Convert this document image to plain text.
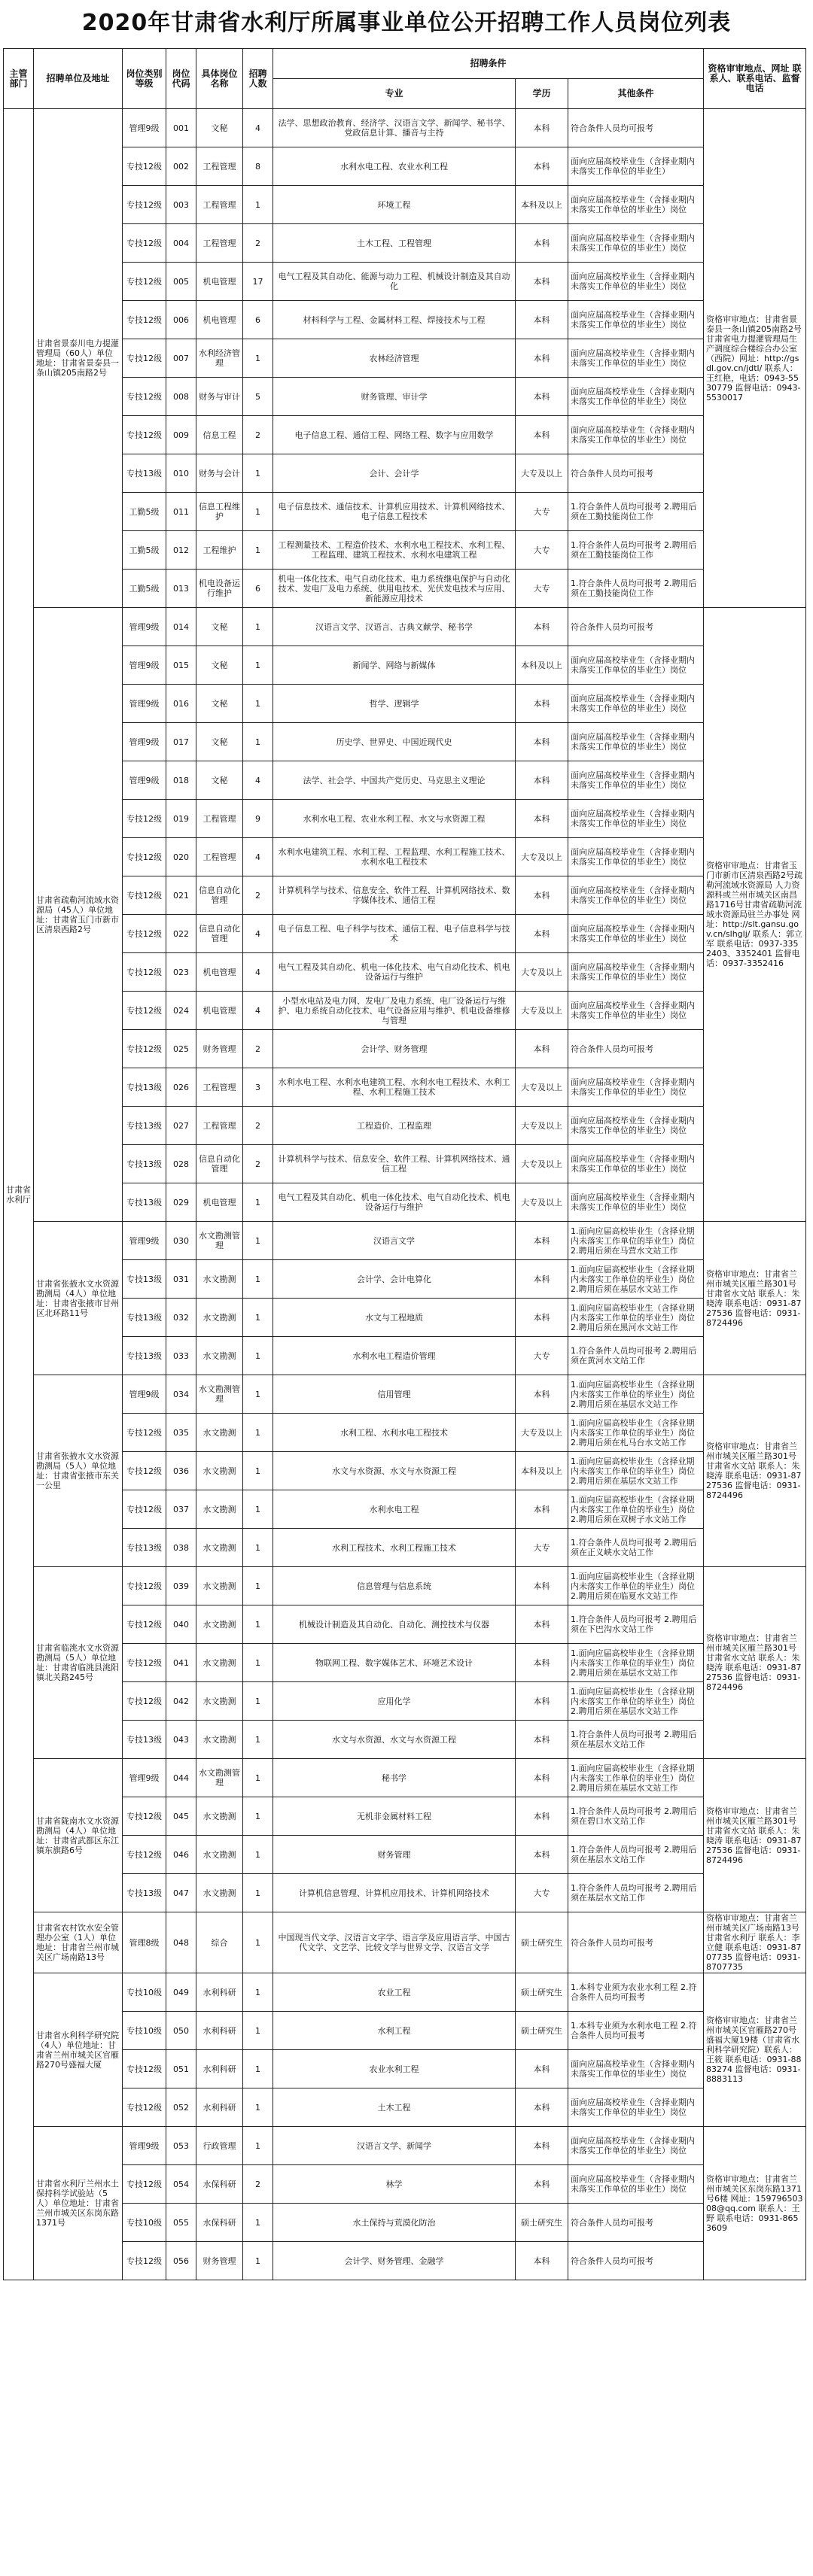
2020年甘肃省水利厅所属事业单位公开招聘工作人员岗位列表
主管部门	招聘单位及地址	岗位类别等级	岗位代码	具体岗位名称	招聘人数	招聘条件			资格审审地点、网址 联系人、联系电话、监督电话
						专业	学历	其他条件	
甘肃省水利厅	甘肃省景泰川电力提灌管理局（60人）单位地址：甘肃省景泰县一条山镇205南路2号	管理9级	001	文秘	4	法学、思想政治教育、经济学、汉语言文学、新闻学、秘书学、党政信息计算、播音与主持	本科	符合条件人员均可报考	资格审审地点：甘肃省景泰县一条山镇205南路2号甘肃省电力提灌管理局生产调度综合楼综合办公室（西院）网址：http://gsdl.gov.cn/jdtl/ 联系人：王红艳，电话：0943-5530779 监督电话：0943-5530017
		专技12级	002	工程管理	8	水利水电工程、农业水利工程	本科	面向应届高校毕业生（含择业期内未落实工作单位的毕业生）	
		专技12级	003	工程管理	1	环境工程	本科及以上	面向应届高校毕业生（含择业期内未落实工作单位的毕业生）岗位	
		专技12级	004	工程管理	2	土木工程、工程管理	本科	面向应届高校毕业生（含择业期内未落实工作单位的毕业生）岗位	
		专技12级	005	机电管理	17	电气工程及其自动化、能源与动力工程、机械设计制造及其自动化	本科	面向应届高校毕业生（含择业期内未落实工作单位的毕业生）岗位	
		专技12级	006	机电管理	6	材料科学与工程、金属材料工程、焊接技术与工程	本科	面向应届高校毕业生（含择业期内未落实工作单位的毕业生）岗位	
		专技12级	007	水利经济管理	1	农林经济管理	本科	面向应届高校毕业生（含择业期内未落实工作单位的毕业生）岗位	
		专技12级	008	财务与审计	5	财务管理、审计学	本科	面向应届高校毕业生（含择业期内未落实工作单位的毕业生）岗位	
		专技12级	009	信息工程	2	电子信息工程、通信工程、网络工程、数字与应用数学	本科	面向应届高校毕业生（含择业期内未落实工作单位的毕业生）岗位	
		专技13级	010	财务与会计	1	会计、会计学	大专及以上	符合条件人员均可报考	
		工勤5级	011	信息工程维护	1	电子信息技术、通信技术、计算机应用技术、计算机网络技术、电子信息工程技术	大专	1.符合条件人员均可报考 2.聘用后须在工勤技能岗位工作	
		工勤5级	012	工程维护	1	工程测量技术、工程造价技术、水利水电工程技术、水利工程、工程监理、建筑工程技术、水利水电建筑工程	大专	1.符合条件人员均可报考 2.聘用后须在工勤技能岗位工作	
		工勤5级	013	机电设备运行维护	6	机电一体化技术、电气自动化技术、电力系统继电保护与自动化技术、发电厂及电力系统、供用电技术、光伏发电技术与应用、新能源应用技术	大专	1.符合条件人员均可报考 2.聘用后须在工勤技能岗位工作	
	甘肃省疏勒河流域水资源局（45人）单位地址：甘肃省玉门市新市区清泉西路2号	管理9级	014	文秘	1	汉语言文学、汉语言、古典文献学、秘书学	本科	符合条件人员均可报考	资格审审地点：甘肃省玉门市新市区清泉西路2号疏勒河流域水资源局 人力资源科或兰州市城关区南昌路1716号甘肃省疏勒河流域水资源局驻兰办事处 网址：http://slt.gansu.gov.cn/slhglj/ 联系人：郭立军 联系电话：0937-3352403、3352401 监督电话：0937-3352416
		管理9级	015	文秘	1	新闻学、网络与新媒体	本科及以上	面向应届高校毕业生（含择业期内未落实工作单位的毕业生）岗位	
		管理9级	016	文秘	1	哲学、逻辑学	本科	面向应届高校毕业生（含择业期内未落实工作单位的毕业生）岗位	
		管理9级	017	文秘	1	历史学、世界史、中国近现代史	本科	面向应届高校毕业生（含择业期内未落实工作单位的毕业生）岗位	
		管理9级	018	文秘	4	法学、社会学、中国共产党历史、马克思主义理论	本科	面向应届高校毕业生（含择业期内未落实工作单位的毕业生）岗位	
		专技12级	019	工程管理	9	水利水电工程、农业水利工程、水文与水资源工程	本科	面向应届高校毕业生（含择业期内未落实工作单位的毕业生）岗位	
		专技12级	020	工程管理	4	水利水电建筑工程、水利工程、工程监理、水利工程施工技术、水利水电工程技术	大专及以上	面向应届高校毕业生（含择业期内未落实工作单位的毕业生）岗位	
		专技12级	021	信息自动化管理	2	计算机科学与技术、信息安全、软件工程、计算机网络技术、数字媒体技术、通信工程	本科	面向应届高校毕业生（含择业期内未落实工作单位的毕业生）岗位	
		专技12级	022	信息自动化管理	4	电子信息工程、电子科学与技术、通信工程、电子信息科学与技术	本科	面向应届高校毕业生（含择业期内未落实工作单位的毕业生）岗位	
		专技12级	023	机电管理	4	电气工程及其自动化、机电一体化技术、电气自动化技术、机电设备运行与维护	大专及以上	面向应届高校毕业生（含择业期内未落实工作单位的毕业生）岗位	
		专技12级	024	机电管理	4	小型水电站及电力网、发电厂及电力系统、电厂设备运行与维护、电力系统自动化技术、电气设备应用与维护、机电设备维修与管理	大专及以上	面向应届高校毕业生（含择业期内未落实工作单位的毕业生）岗位	
		专技12级	025	财务管理	2	会计学、财务管理	本科	符合条件人员均可报考	
		专技13级	026	工程管理	3	水利水电工程、水利水电建筑工程、水利水电工程技术、水利工程、水利工程施工技术	大专及以上	面向应届高校毕业生（含择业期内未落实工作单位的毕业生）岗位	
		专技13级	027	工程管理	2	工程造价、工程监理	大专及以上	面向应届高校毕业生（含择业期内未落实工作单位的毕业生）岗位	
		专技13级	028	信息自动化管理	2	计算机科学与技术、信息安全、软件工程、计算机网络技术、通信工程	大专及以上	面向应届高校毕业生（含择业期内未落实工作单位的毕业生）岗位	
		专技13级	029	机电管理	1	电气工程及其自动化、机电一体化技术、电气自动化技术、机电设备运行与维护	大专及以上	面向应届高校毕业生（含择业期内未落实工作单位的毕业生）岗位	
	甘肃省张掖水文水资源勘测局（4人）单位地址：甘肃省张掖市甘州区北环路11号	管理9级	030	水文勘测管理	1	汉语言文学	本科	1.面向应届高校毕业生（含择业期内未落实工作单位的毕业生）岗位 2.聘用后须在马营水文站工作	资格审审地点：甘肃省兰州市城关区雁兰路301号甘肃省水文站 联系人：朱晓涛 联系电话：0931-8727536 监督电话：0931-8724496
		专技13级	031	水文勘测	1	会计学、会计电算化	本科	1.面向应届高校毕业生（含择业期内未落实工作单位的毕业生）岗位 2.聘用后须在基层水文站工作	
		专技13级	032	水文勘测	1	水文与工程地质	本科	1.面向应届高校毕业生（含择业期内未落实工作单位的毕业生）岗位 2.聘用后须在黑河水文站工作	
		专技13级	033	水文勘测	1	水利水电工程造价管理	大专	1.符合条件人员均可报考 2.聘用后须在黄河水文站工作	
	甘肃省张掖水文水资源勘测局（5人）单位地址：甘肃省张掖市东关一公里	管理9级	034	水文勘测管理	1	信用管理	本科	1.面向应届高校毕业生（含择业期内未落实工作单位的毕业生）岗位 2.聘用后须在基层水文站工作	资格审审地点：甘肃省兰州市城关区雁兰路301号甘肃省水文站 联系人：朱晓涛 联系电话：0931-8727536 监督电话：0931-8724496
		专技12级	035	水文勘测	1	水利工程、水利水电工程技术	大专及以上	1.面向应届高校毕业生（含择业期内未落实工作单位的毕业生）岗位 2.聘用后须在札马台水文站工作	
		专技12级	036	水文勘测	1	水文与水资源、水文与水资源工程	本科及以上	1.面向应届高校毕业生（含择业期内未落实工作单位的毕业生）岗位 2.聘用后须在基层水文站工作	
		专技12级	037	水文勘测	1	水利水电工程	本科	1.面向应届高校毕业生（含择业期内未落实工作单位的毕业生）岗位 2.聘用后须在双树子水文站工作	
		专技13级	038	水文勘测	1	水利工程技术、水利工程施工技术	大专	1.符合条件人员均可报考 2.聘用后须在正义峡水文站工作	
	甘肃省临洮水文水资源勘测局（5人）单位地址：甘肃省临洮县洮阳镇北关路245号	专技12级	039	水文勘测	1	信息管理与信息系统	本科	1.面向应届高校毕业生（含择业期内未落实工作单位的毕业生）岗位 2.聘用后须在临夏水文站工作	资格审审地点：甘肃省兰州市城关区雁兰路301号甘肃省水文站 联系人：朱晓涛 联系电话：0931-8727536 监督电话：0931-8724496
		专技12级	040	水文勘测	1	机械设计制造及其自动化、自动化、测控技术与仪器	本科	1.符合条件人员均可报考 2.聘用后须在下巴沟水文站工作	
		专技12级	041	水文勘测	1	物联网工程、数字媒体艺术、环境艺术设计	本科	1.面向应届高校毕业生（含择业期内未落实工作单位的毕业生）岗位 2.聘用后须在基层水文站工作	
		专技12级	042	水文勘测	1	应用化学	本科	1.面向应届高校毕业生（含择业期内未落实工作单位的毕业生）岗位 2.聘用后须在基层水文站工作	
		专技13级	043	水文勘测	1	水文与水资源、水文与水资源工程	本科	1.符合条件人员均可报考 2.聘用后须在基层水文站工作	
	甘肃省陇南水文水资源勘测局（4人）单位地址：甘肃省武都区东江镇东旗路6号	管理9级	044	水文勘测管理	1	秘书学	本科	1.面向应届高校毕业生（含择业期内未落实工作单位的毕业生）岗位 2.聘用后须在基层水文站工作	资格审审地点：甘肃省兰州市城关区雁兰路301号甘肃省水文站 联系人：朱晓涛 联系电话：0931-8727536 监督电话：0931-8724496
		专技12级	045	水文勘测	1	无机非金属材料工程	本科	1.符合条件人员均可报考 2.聘用后须在碧口水文站工作	
		专技12级	046	水文勘测	1	财务管理	本科	1.符合条件人员均可报考 2.聘用后须在基层水文站工作	
		专技13级	047	水文勘测	1	计算机信息管理、计算机应用技术、计算机网络技术	大专	1.符合条件人员均可报考 2.聘用后须在基层水文站工作	
	甘肃省农村饮水安全管理办公室（1人）单位地址：甘肃省兰州市城关区广场南路13号	管理8级	048	综合	1	中国现当代文学、汉语言文字学、语言学及应用语言学、中国古代文学、文艺学、比较文学与世界文学、汉语言文学	硕士研究生	符合条件人员均可报考	资格审审地点：甘肃省兰州市城关区广场南路13号甘肃省水利厅 联系人：李立健 联系电话：0931-8707735 监督电话：0931-8707735
	甘肃省水利科学研究院（4人）单位地址：甘肃省兰州市城关区官雁路270号盛福大厦	专技10级	049	水利科研	1	农业工程	硕士研究生	1.本科专业须为农业水利工程 2.符合条件人员均可报考	资格审审地点：甘肃省兰州市城关区官雁路270号盛福大厦19楼（甘肃省水利科学研究院）联系人：王筱 联系电话：0931-8883274 监督电话：0931-8883113
		专技10级	050	水利科研	1	水利工程	硕士研究生	1.本科专业须为水利水电工程 2.符合条件人员均可报考	
		专技12级	051	水利科研	1	农业水利工程	本科	面向应届高校毕业生（含择业期内未落实工作单位的毕业生）岗位	
		专技12级	052	水利科研	1	土木工程	本科	面向应届高校毕业生（含择业期内未落实工作单位的毕业生）岗位	
	甘肃省水利厅兰州水土保持科学试验站（5人）单位地址：甘肃省兰州市城关区东岗东路1371号	管理9级	053	行政管理	1	汉语言文学、新闻学	本科	面向应届高校毕业生（含择业期内未落实工作单位的毕业生）岗位	资格审审地点：甘肃省兰州市城关区东岗东路1371号6楼 网址：15979650308@qq.com 联系人：王野 联系电话：0931-8653609
		专技12级	054	水保科研	2	林学	本科	面向应届高校毕业生（含择业期内未落实工作单位的毕业生）岗位	
		专技10级	055	水保科研	1	水土保持与荒漠化防治	硕士研究生	符合条件人员均可报考	
		专技12级	056	财务管理	1	会计学、财务管理、金融学	本科	符合条件人员均可报考	
